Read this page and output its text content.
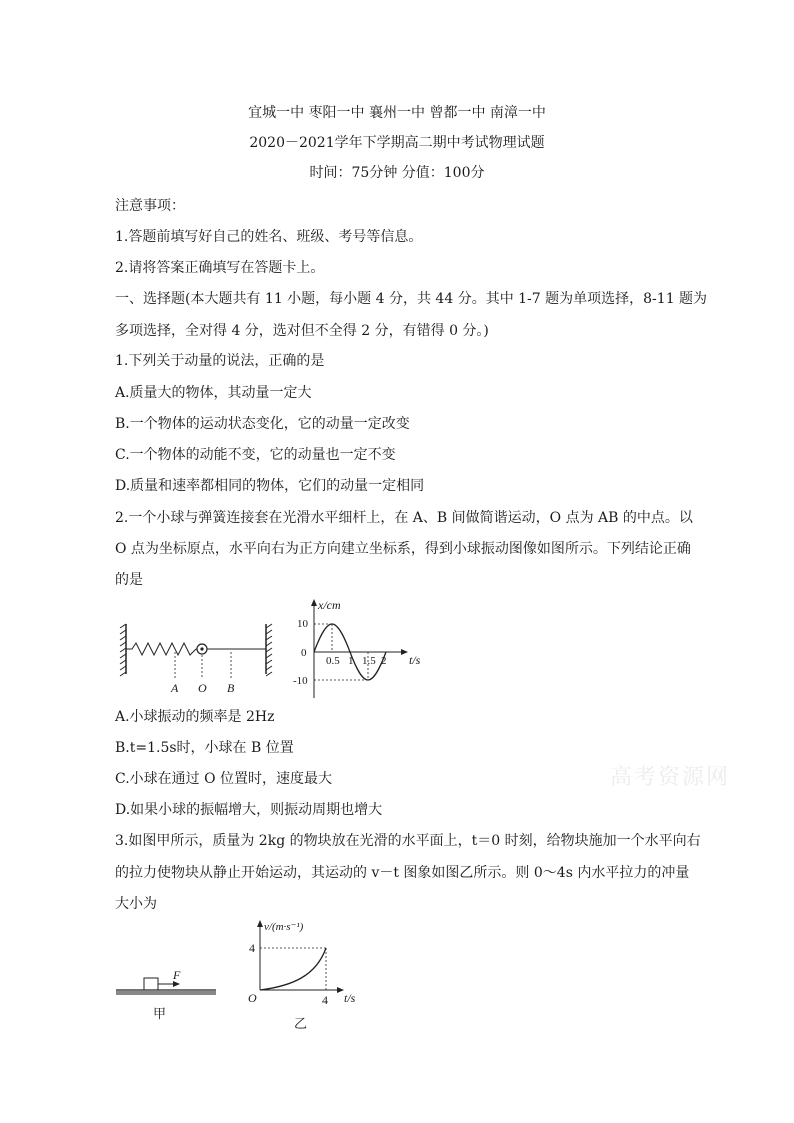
宜城一中 枣阳一中 襄州一中 曾都一中 南漳一中
2020－2021学年下学期高二期中考试物理试题
时间：75分钟 分值：100分
注意事项：
1.答题前填写好自己的姓名、班级、考号等信息。
2.请将答案正确填写在答题卡上。
一、选择题(本大题共有 11 小题，每小题 4 分，共 44 分。其中 1-7 题为单项选择，8-11 题为
多项选择，全对得 4 分，选对但不全得 2 分，有错得 0 分。)
1.下列关于动量的说法，正确的是
A.质量大的物体，其动量一定大
B.一个物体的运动状态变化，它的动量一定改变
C.一个物体的动能不变，它的动量也一定不变
D.质量和速率都相同的物体，它们的动量一定相同
2.一个小球与弹簧连接套在光滑水平细杆上，在 A、B 间做简谐运动，O 点为 AB 的中点。以
O 点为坐标原点，水平向右为正方向建立坐标系，得到小球振动图像如图所示。下列结论正确
的是
A O B
x/cm
t/s
10
0
-10
0.5 1 1.5 2
A.小球振动的频率是 2Hz
B.t=1.5s时，小球在 B 位置
C.小球在通过 O 位置时，速度最大
D.如果小球的振幅增大，则振动周期也增大
高考资源网
3.如图甲所示，质量为 2kg 的物块放在光滑的水平面上，t＝0 时刻，给物块施加一个水平向右
的拉力使物块从静止开始运动，其运动的 v－t 图象如图乙所示。则 0～4s 内水平拉力的冲量
大小为
F
甲
v/(m·s⁻¹)
t/s
O
4
4
乙
